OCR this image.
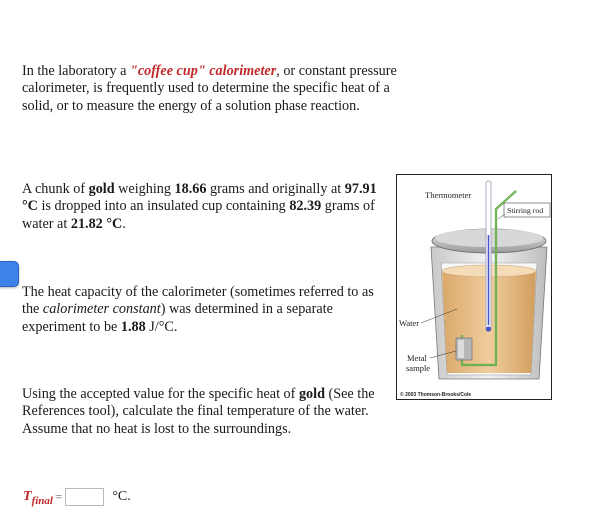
In the laboratory a "coffee cup" calorimeter, or constant pressure calorimeter, is frequently used to determine the specific heat of a solid, or to measure the energy of a solution phase reaction.

A chunk of gold weighing 18.66 grams and originally at 97.91 °C is dropped into an insulated cup containing 82.39 grams of water at 21.82 °C.

The heat capacity of the calorimeter (sometimes referred to as the calorimeter constant) was determined in a separate experiment to be 1.88 J/°C.

Using the accepted value for the specific heat of gold (See the References tool), calculate the final temperature of the water. Assume that no heat is lost to the surroundings.

T final =	°C.
Thermometer
Stirring rod
Water
Metal
sample
© 2003 Thomson-Brooks/Cole
